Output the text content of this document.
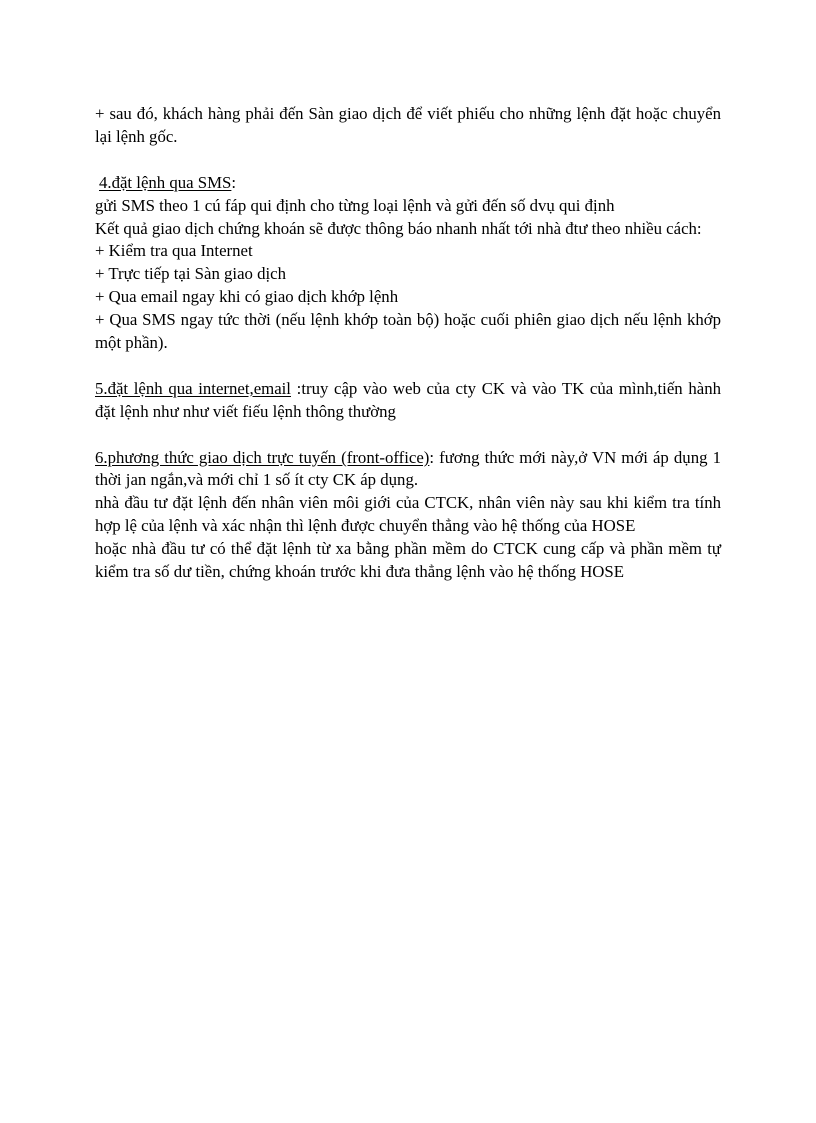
+ sau đó, khách hàng phải đến Sàn giao dịch để viết phiếu cho những lệnh đặt hoặc chuyển lại lệnh gốc.

4.đặt lệnh qua SMS:

gửi SMS theo 1 cú fáp qui định cho từng loại lệnh và gửi đến số dvụ qui định

Kết quả giao dịch chứng khoán sẽ được thông báo nhanh nhất tới nhà đtư theo nhiều cách:

+ Kiểm tra qua Internet

+ Trực tiếp tại Sàn giao dịch

+ Qua email ngay khi có giao dịch khớp lệnh

+ Qua SMS ngay tức thời (nếu lệnh khớp toàn bộ) hoặc cuối phiên giao dịch nếu lệnh khớp một phần).

5.đặt lệnh qua internet,email :truy cập vào web của cty CK và vào TK của mình,tiến hành đặt lệnh như như viết fiếu lệnh thông thường

6.phương thức giao dịch trực tuyến (front-office): fương thức mới này,ở VN mới áp dụng 1 thời jan ngắn,và mới chỉ 1 số ít cty CK áp dụng.

nhà đầu tư đặt lệnh đến nhân viên môi giới của CTCK, nhân viên này sau khi kiểm tra tính hợp lệ của lệnh và xác nhận thì lệnh được chuyển thẳng vào hệ thống của HOSE

hoặc nhà đầu tư có thể đặt lệnh từ xa bằng phần mềm do CTCK cung cấp và phần mềm tự kiểm tra số dư tiền, chứng khoán trước khi đưa thẳng lệnh vào hệ thống HOSE
